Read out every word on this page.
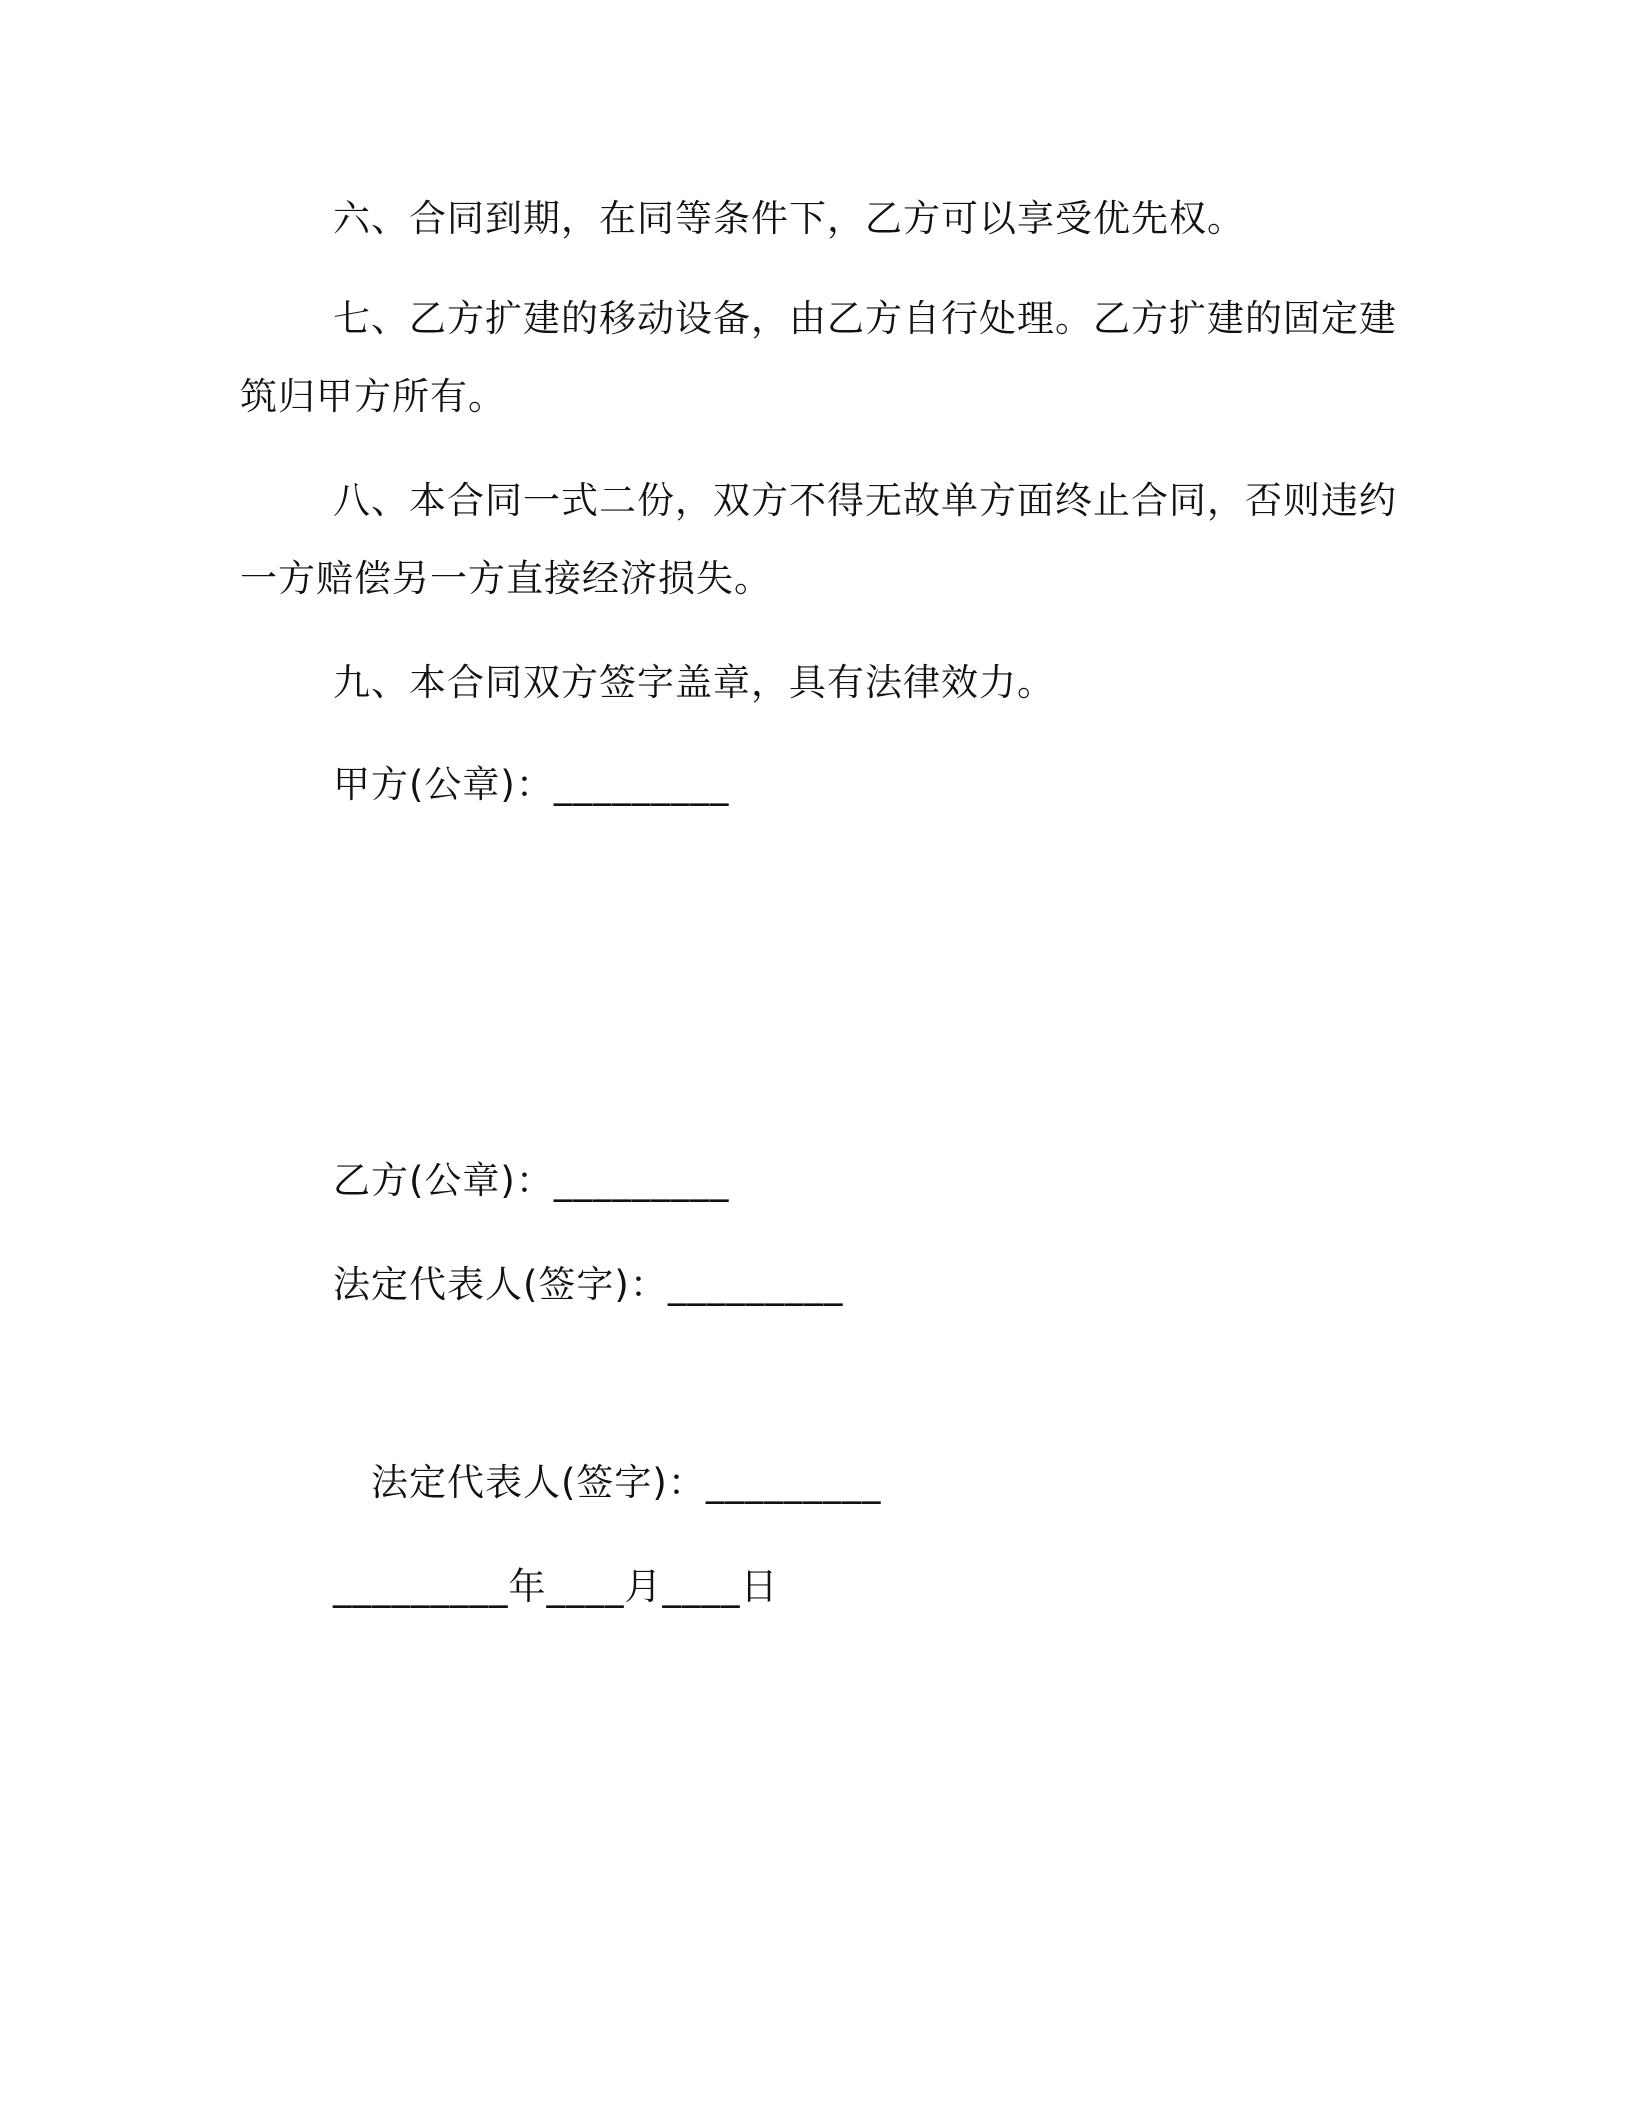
六、合同到期，在同等条件下，乙方可以享受优先权。
七、乙方扩建的移动设备，由乙方自行处理。乙方扩建的固定建
筑归甲方所有。
八、本合同一式二份，双方不得无故单方面终止合同，否则违约
一方赔偿另一方直接经济损失。
九、本合同双方签字盖章，具有法律效力。
甲方(公章)：_________
乙方(公章)：_________
法定代表人(签字)：_________
法定代表人(签字)：_________
_________年____月____日
